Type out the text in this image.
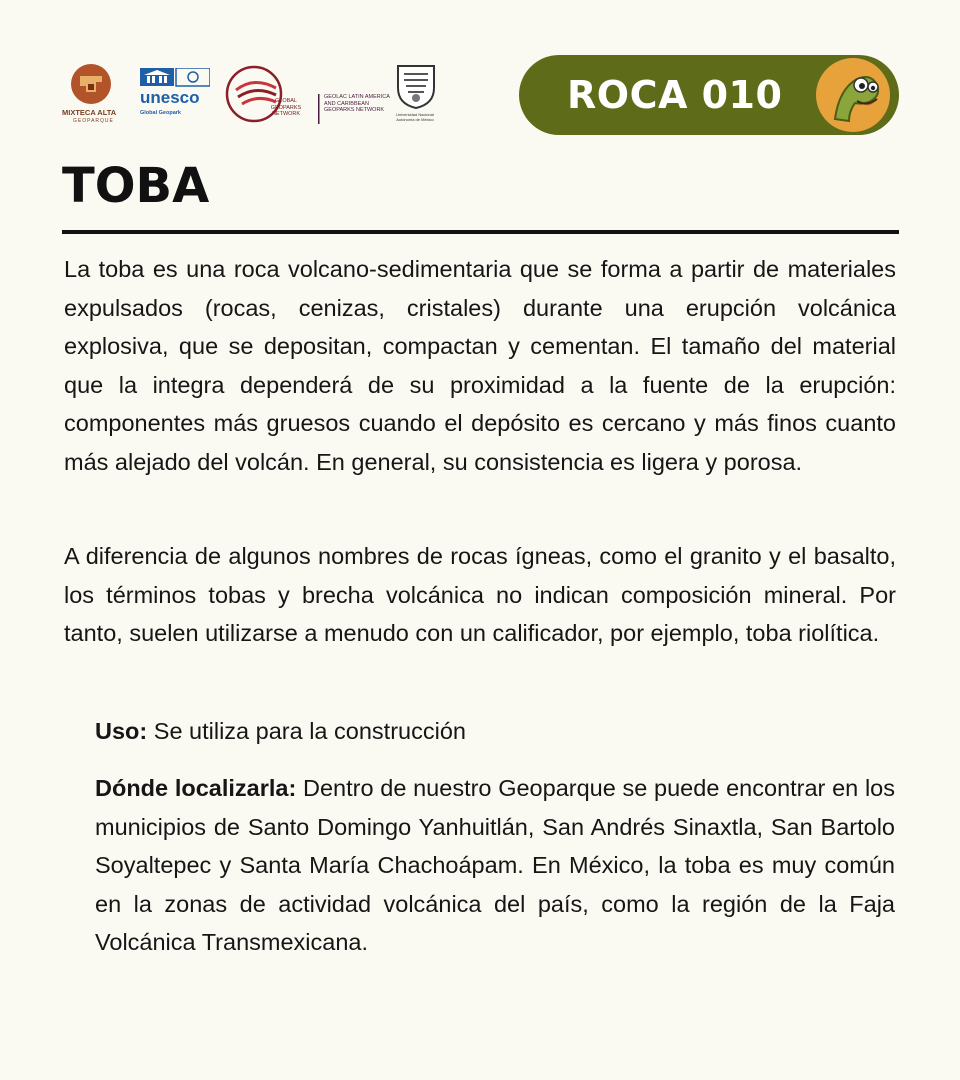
MIXTECA ALTA
GEOPARQUE
unesco
Global Geopark
GLOBAL GEOPARKS NETWORK
GEOLAC LATIN AMERICA AND CARIBBEAN GEOPARKS NETWORK
Universidad Nacional Autónoma de México
ROCA 010
TOBA

La toba es una roca volcano-sedimentaria que se forma a partir de materiales expulsados (rocas, cenizas, cristales) durante una erupción volcánica explosiva, que se depositan, compactan y cementan. El tamaño del material que la integra dependerá de su proximidad a la fuente de la erupción: componentes más gruesos cuando el depósito es cercano y más finos cuanto más alejado del volcán. En general, su consistencia es ligera y porosa.

A diferencia de algunos nombres de rocas ígneas, como el granito y el basalto, los términos tobas y brecha volcánica no indican composición mineral. Por tanto, suelen utilizarse a menudo con un calificador, por ejemplo, toba riolítica.

Uso: Se utiliza para la construcción

Dónde localizarla: Dentro de nuestro Geoparque se puede encontrar en los municipios de Santo Domingo Yanhuitlán, San Andrés Sinaxtla, San Bartolo Soyaltepec y Santa María Chachoápam. En México, la toba es muy común en la zonas de actividad volcánica del país, como la región de la Faja Volcánica Transmexicana.
